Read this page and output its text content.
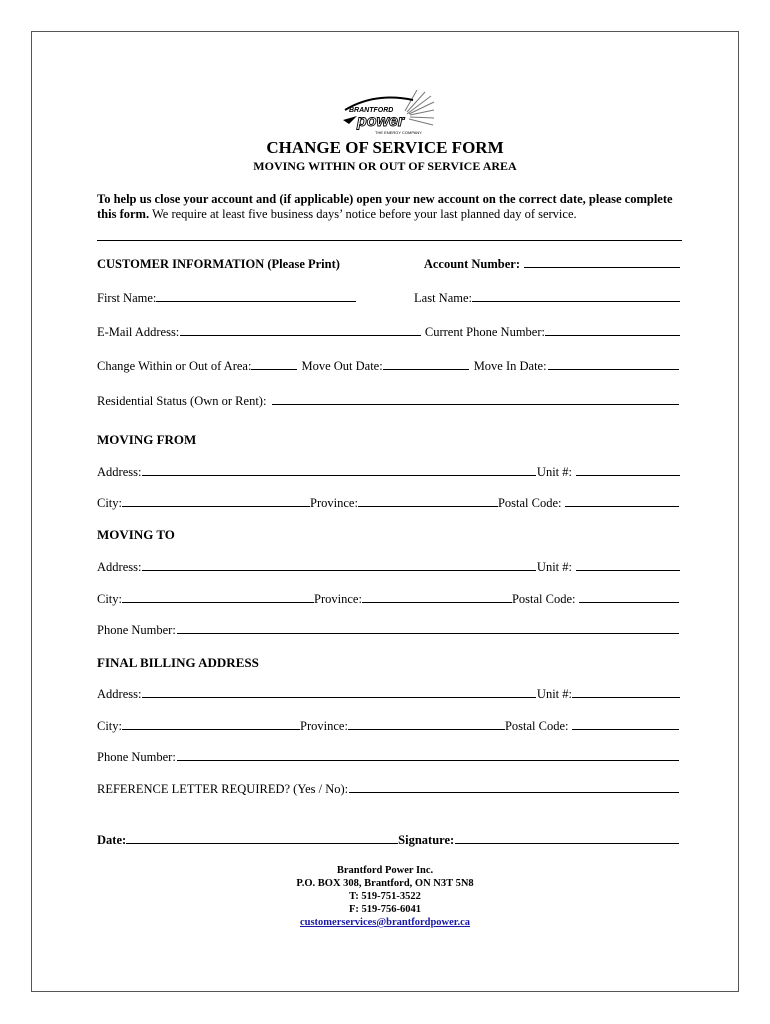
BRANTFORD
power
THE ENERGY COMPANY
CHANGE OF SERVICE FORM
MOVING WITHIN OR OUT OF SERVICE AREA
To help us close your account and (if applicable) open your new account on the correct date, please complete this form. We require at least five business days’ notice before your last planned day of service.
CUSTOMER INFORMATION (Please Print)	Account Number:
First Name:	Last Name:
E-Mail Address:	Current Phone Number:
Change Within or Out of Area:	Move Out Date:	Move In Date:
Residential Status (Own or Rent):
MOVING FROM
Address:	Unit #:
City:	Province:	Postal Code:
MOVING TO
Address:	Unit #:
City:	Province:	Postal Code:
Phone Number:
FINAL BILLING ADDRESS
Address:	Unit #:
City:	Province:	Postal Code:
Phone Number:
REFERENCE LETTER REQUIRED? (Yes / No):
Date:	Signature:
Brantford Power Inc.
P.O. BOX 308, Brantford, ON N3T 5N8
T: 519-751-3522
F: 519-756-6041
customerservices@brantfordpower.ca
